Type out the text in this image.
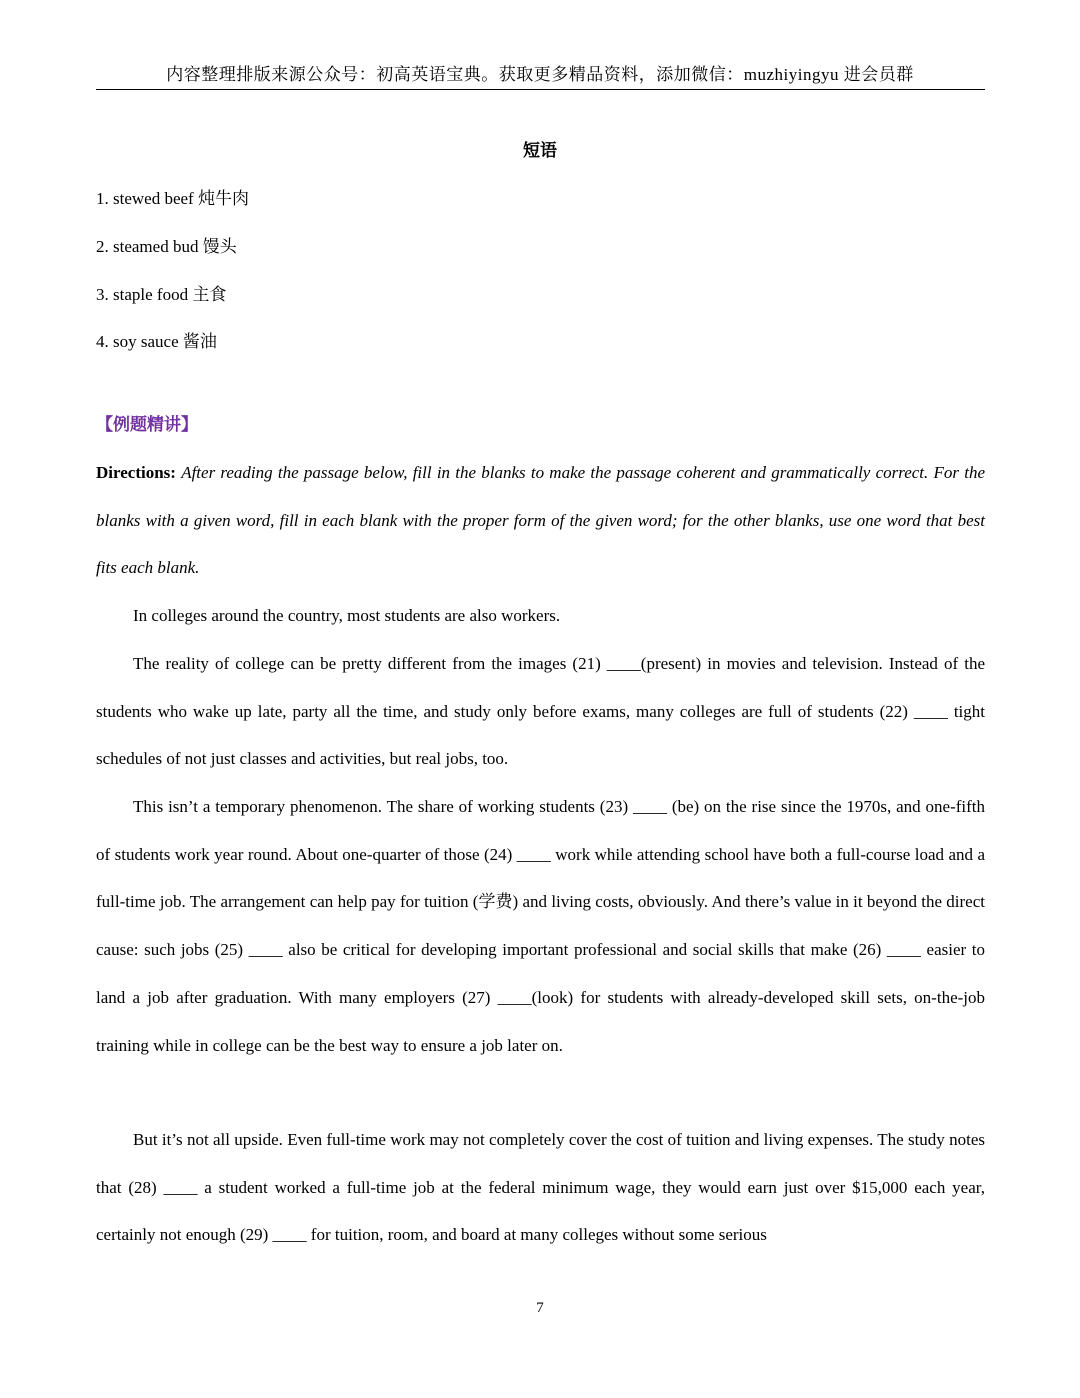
内容整理排版来源公众号：初高英语宝典。获取更多精品资料，添加微信：muzhiyingyu 进会员群
短语
1. stewed beef 炖牛肉
2. steamed bud 馒头
3. staple food 主食
4. soy sauce 酱油
【例题精讲】
Directions: After reading the passage below, fill in the blanks to make the passage coherent and grammatically correct. For the blanks with a given word, fill in each blank with the proper form of the given word; for the other blanks, use one word that best fits each blank.
In colleges around the country, most students are also workers.
The reality of college can be pretty different from the images (21) ____(present) in movies and television. Instead of the students who wake up late, party all the time, and study only before exams, many colleges are full of students (22) ____ tight schedules of not just classes and activities, but real jobs, too.
This isn’t a temporary phenomenon. The share of working students (23) ____ (be) on the rise since the 1970s, and one-fifth of students work year round. About one-quarter of those (24) ____ work while attending school have both a full-course load and a full-time job. The arrangement can help pay for tuition (学费) and living costs, obviously. And there’s value in it beyond the direct cause: such jobs (25) ____ also be critical for developing important professional and social skills that make (26) ____ easier to land a job after graduation. With many employers (27) ____(look) for students with already-developed skill sets, on-the-job training while in college can be the best way to ensure a job later on.
But it’s not all upside. Even full-time work may not completely cover the cost of tuition and living expenses. The study notes that (28) ____ a student worked a full-time job at the federal minimum wage, they would earn just over $15,000 each year, certainly not enough (29) ____ for tuition, room, and board at many colleges without some serious
7
